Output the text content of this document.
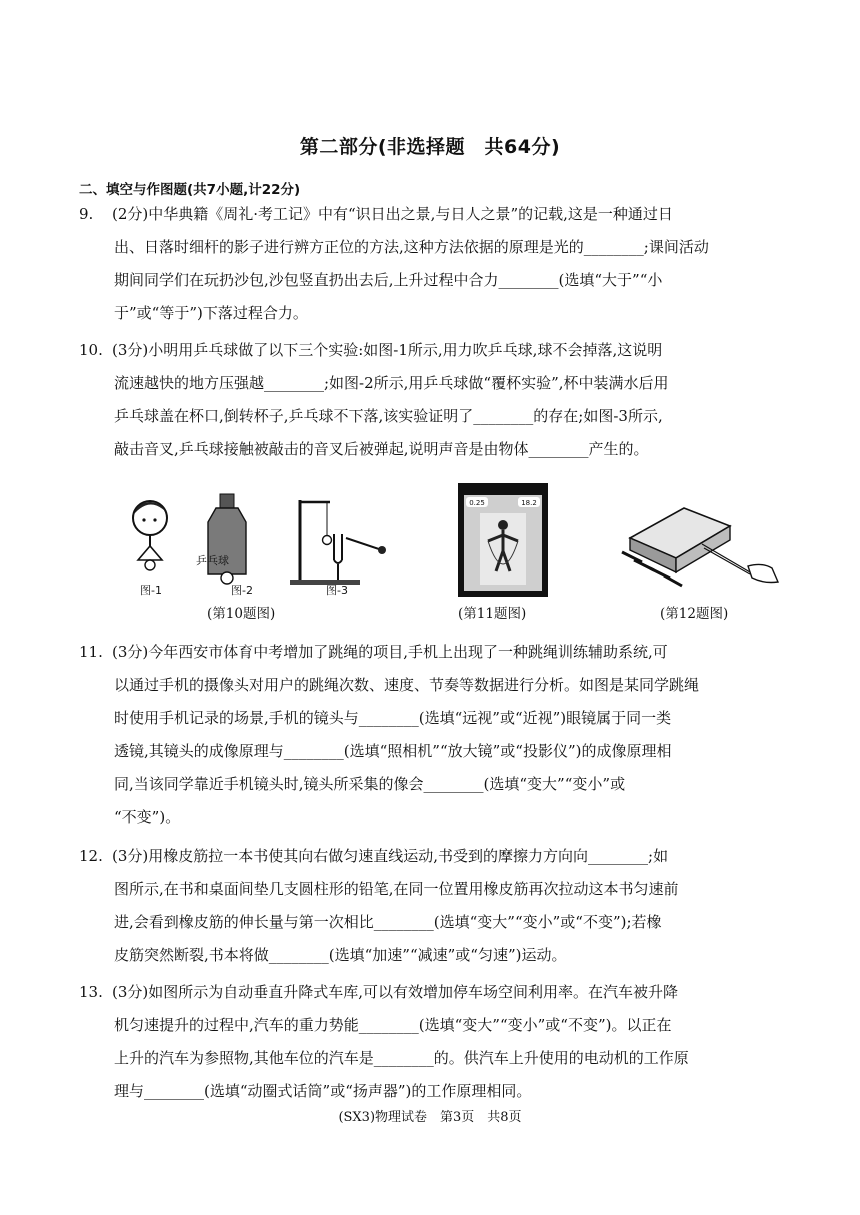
第二部分(非选择题　共64分)
二、填空与作图题(共7小题,计22分)
9. (2分)中华典籍《周礼·考工记》中有“识日出之景,与日人之景”的记载,这是一种通过日
出、日落时细杆的影子进行辨方正位的方法,这种方法依据的原理是光的________;课间活动
期间同学们在玩扔沙包,沙包竖直扔出去后,上升过程中合力________(选填“大于”“小
于”或“等于”)下落过程合力。
10. (3分)小明用乒乓球做了以下三个实验:如图-1所示,用力吹乒乓球,球不会掉落,这说明
流速越快的地方压强越________;如图-2所示,用乒乓球做“覆杯实验”,杯中装满水后用
乒乓球盖在杯口,倒转杯子,乒乓球不下落,该实验证明了________的存在;如图-3所示,
敲击音叉,乒乓球接触被敲击的音叉后被弹起,说明声音是由物体________产生的。
乒乓球
图-1	图-2	图-3
(第10题图)
0.25	18.2
(第11题图)	(第12题图)
11. (3分)今年西安市体育中考增加了跳绳的项目,手机上出现了一种跳绳训练辅助系统,可
以通过手机的摄像头对用户的跳绳次数、速度、节奏等数据进行分析。如图是某同学跳绳
时使用手机记录的场景,手机的镜头与________(选填“远视”或“近视”)眼镜属于同一类
透镜,其镜头的成像原理与________(选填“照相机”“放大镜”或“投影仪”)的成像原理相
同,当该同学靠近手机镜头时,镜头所采集的像会________(选填“变大”“变小”或
“不变”)。
12. (3分)用橡皮筋拉一本书使其向右做匀速直线运动,书受到的摩擦力方向向________;如
图所示,在书和桌面间垫几支圆柱形的铅笔,在同一位置用橡皮筋再次拉动这本书匀速前
进,会看到橡皮筋的伸长量与第一次相比________(选填“变大”“变小”或“不变”);若橡
皮筋突然断裂,书本将做________(选填“加速”“减速”或“匀速”)运动。
13. (3分)如图所示为自动垂直升降式车库,可以有效增加停车场空间利用率。在汽车被升降
机匀速提升的过程中,汽车的重力势能________(选填“变大”“变小”或“不变”)。以正在
上升的汽车为参照物,其他车位的汽车是________的。供汽车上升使用的电动机的工作原
理与________(选填“动圈式话筒”或“扬声器”)的工作原理相同。
(SX3)物理试卷　第3页　共8页
